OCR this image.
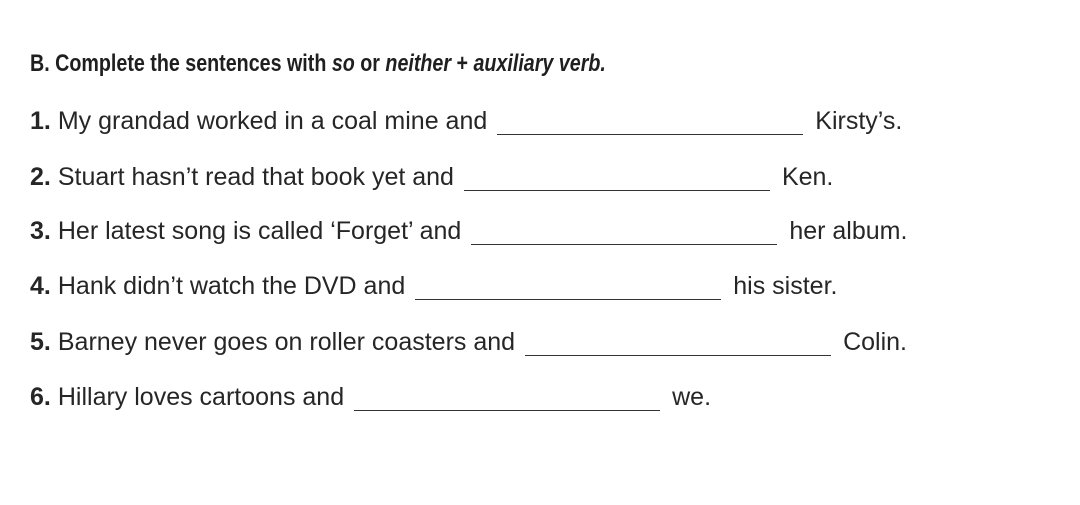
B. Complete the sentences with so or neither + auxiliary verb.
1. My grandad worked in a coal mine and	Kirsty’s.
2. Stuart hasn’t read that book yet and	Ken.
3. Her latest song is called ‘Forget’ and	her album.
4. Hank didn’t watch the DVD and	his sister.
5. Barney never goes on roller coasters and	Colin.
6. Hillary loves cartoons and	we.
